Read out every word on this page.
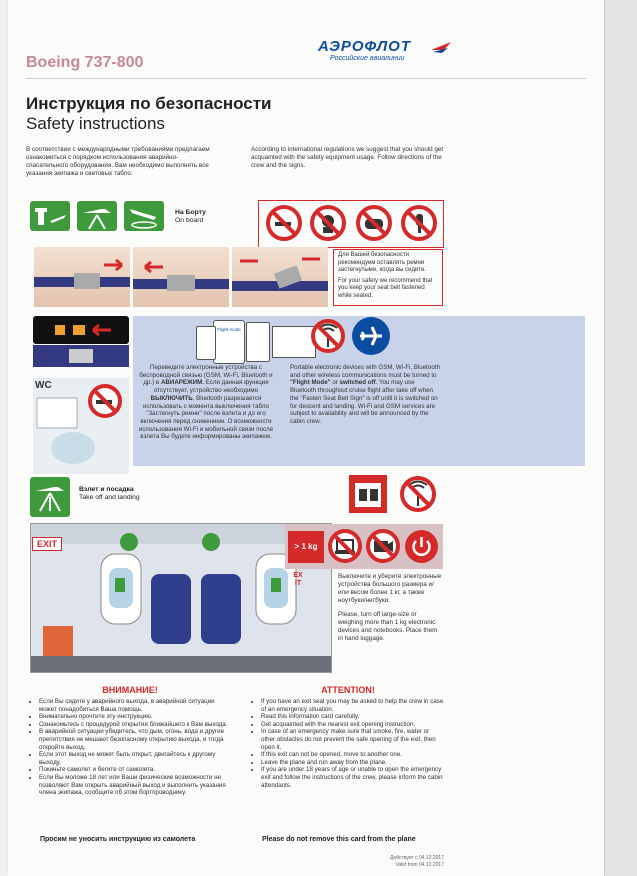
Boeing 737-800
АЭРОФЛОТ
Российские авиалинии
Инструкция по безопасности
Safety instructions
В соответствии с международными требованиями предлагаем ознакомиться с порядком использования аварийно-спасательного оборудования. Вам необходимо выполнять все указания экипажа и световых табло.
According to international regulations we suggest that you should get acquainted with the safety equipment usage. Follow directions of the crew and the signs.
На Борту
On board
Для Вашей безопасности рекомендуем оставлять ремни застегнутыми, когда вы сидите.
For your safety we recommend that you keep your seat belt fastened while seated.
WC
Flight mode
Переведите электронные устройства с беспроводной связью (GSM, Wi-Fi, Bluetooth и др.) в АВИАРЕЖИМ. Если данная функция отсутствует, устройство необходимо ВЫКЛЮЧИТЬ. Bluetooth разрешается использовать с момента выключения табло "Застегнуть ремни" после взлета и до его включения перед снижением. О возможности использования Wi-Fi и мобильной связи после взлета Вы будете информированы экипажем.
Portable electronic devices with GSM, Wi-Fi, Bluetooth and other wireless communications must be turned to "Flight Mode" or switched off. You may use Bluetooth throughout cruise flight after take off when the "Fasten Seat Belt Sign" is off until it is switched on for descent and landing. Wi-Fi and GSM services are subject to availability and will be announced by the cabin crew.
Взлет и посадка
Take off and landing
EXIT
EXIT
> 1 kg
Выключите и уберите электронные устройства большого размера и/или весом более 1 кг, а также ноутбуки/нетбуки.
Please, turn off large-size or weighing more than 1 kg electronic devices and notebooks. Place them in hand luggage.
ВНИМАНИЕ!
• Если Вы сидите у аварийного выхода, в аварийной ситуации может понадобиться Ваша помощь.
• Внимательно прочтите эту инструкцию.
• Ознакомьтесь с процедурой открытия ближайшего к Вам выхода.
• В аварийной ситуации убедитесь, что дым, огонь, вода и другие препятствия не мешают безопасному открытию выхода, и тогда откройте выход.
• Если этот выход не может быть открыт, двигайтесь к другому выходу.
• Покиньте самолет и бегите от самолета.
• Если Вы моложе 18 лет или Ваши физические возможности не позволяют Вам открыть аварийный выход и выполнить указания члена экипажа, сообщите об этом бортпроводнику.
ATTENTION!
• If you have an exit seat you may be asked to help the crew in case of an emergency situation.
• Read this information card carefully.
• Get acquainted with the nearest exit opening instruction.
• In case of an emergency make sure that smoke, fire, water or other obstacles do not prevent the safe opening of the exit, then open it.
• If this exit can not be opened, move to another one.
• Leave the plane and run away from the plane.
• If you are under 18 years of age or unable to open the emergency exit and follow the instructions of the crew, please inform the cabin attendants.
Просим не уносить инструкцию из самолета	Please do not remove this card from the plane
Действует с 04.12.2017
Valid from 04.12.2017
